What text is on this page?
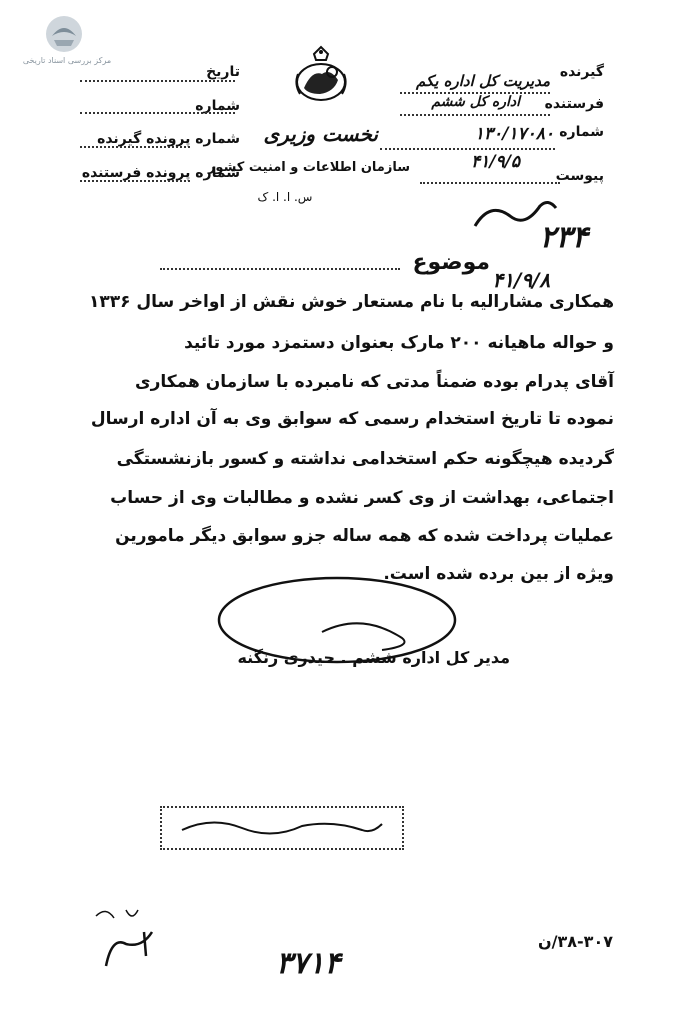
مرکز بررسی اسناد تاریخی
تاریخ
شماره
شماره پرونده گیرنده
شماره پرونده فرستنده
نخست وزیری
سازمان اطلاعات و امنیت کشور
س. ا. ا. ک
گیرنده
مدیریت کل اداره یکم
فرستنده
اداره کل ششم
شماره
۱۳۰/۱۷۰۸۰
پیوست
۴۱/۹/۵
۲۳۴
۴۱/۹/۸
موضوع
همکاری مشارالیه با نام مستعار خوش نقش از اواخر سال ۱۳۳۶
و حواله ماهیانه ۲۰۰ مارک بعنوان دستمزد مورد تائید
آقای پدرام بوده ضمناً مدتی که نامبرده با سازمان همکاری
نموده تا تاریخ استخدام رسمی که سوابق وی به آن اداره ارسال
گردیده هیچگونه حکم استخدامی نداشته و کسور بازنشستگی
اجتماعی، بهداشت از وی کسر نشده و مطالبات وی از حساب
عملیات پرداخت شده که همه ساله جزو سوابق دیگر مامورین
ویژه از بین برده شده است.
مدیر کل اداره ششم . حیدری زنگنه
۳۷۱۴
۳۸-۳۰۷/ن
